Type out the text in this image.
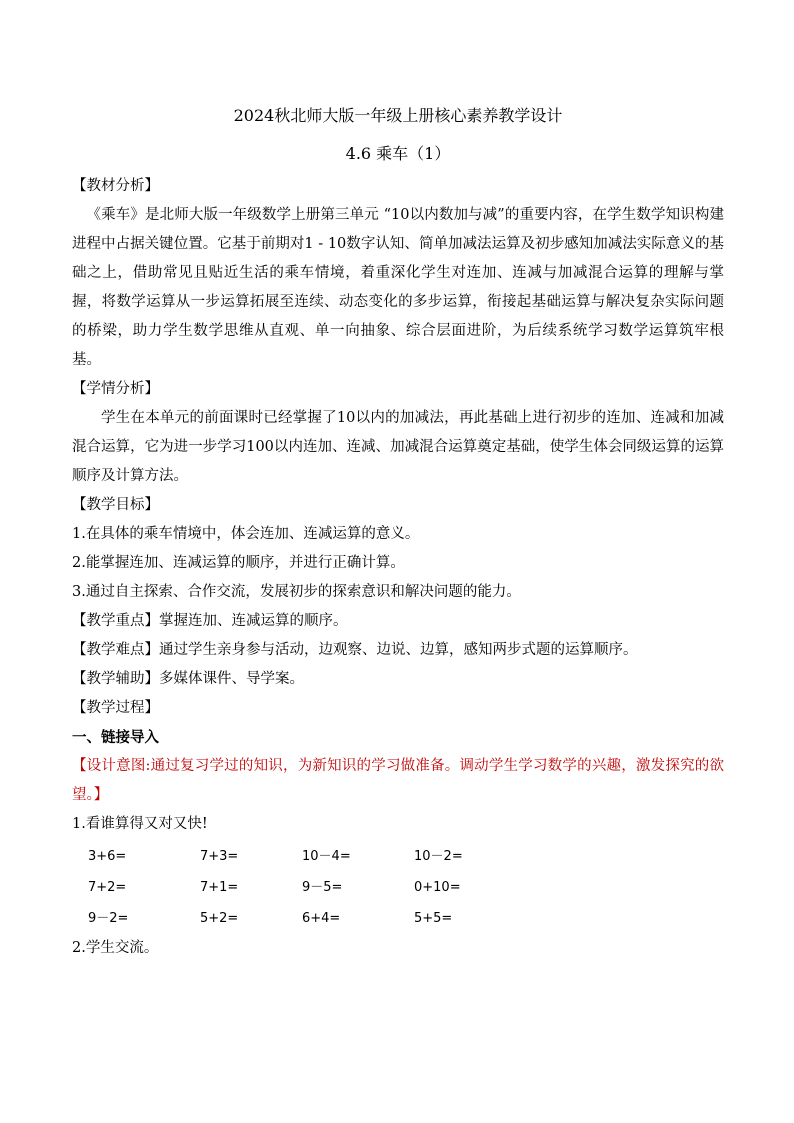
2024秋北师大版一年级上册核心素养教学设计

4.6 乘车（1）

【教材分析】

《乘车》是北师大版一年级数学上册第三单元 “10以内数加与减”的重要内容，在学生数学知识构建进程中占据关键位置。它基于前期对1 - 10数字认知、简单加减法运算及初步感知加减法实际意义的基础之上，借助常见且贴近生活的乘车情境，着重深化学生对连加、连减与加减混合运算的理解与掌握，将数学运算从一步运算拓展至连续、动态变化的多步运算，衔接起基础运算与解决复杂实际问题的桥梁，助力学生数学思维从直观、单一向抽象、综合层面进阶，为后续系统学习数学运算筑牢根基。

【学情分析】

学生在本单元的前面课时已经掌握了10以内的加减法，再此基础上进行初步的连加、连减和加减混合运算，它为进一步学习100以内连加、连减、加减混合运算奠定基础，使学生体会同级运算的运算顺序及计算方法。

【教学目标】

1.在具体的乘车情境中，体会连加、连减运算的意义。

2.能掌握连加、连减运算的顺序，并进行正确计算。

3.通过自主探索、合作交流，发展初步的探索意识和解决问题的能力。

【教学重点】掌握连加、连减运算的顺序。

【教学难点】通过学生亲身参与活动，边观察、边说、边算，感知两步式题的运算顺序。

【教学辅助】多媒体课件、导学案。

【教学过程】

一、链接导入

【设计意图:通过复习学过的知识，为新知识的学习做准备。调动学生学习数学的兴趣，激发探究的欲望。】

1.看谁算得又对又快!

3+6=	7+3=	10－4=	10－2=
7+2=	7+1=	9－5=	0+10=
9－2=	5+2=	6+4=	5+5=

2.学生交流。
